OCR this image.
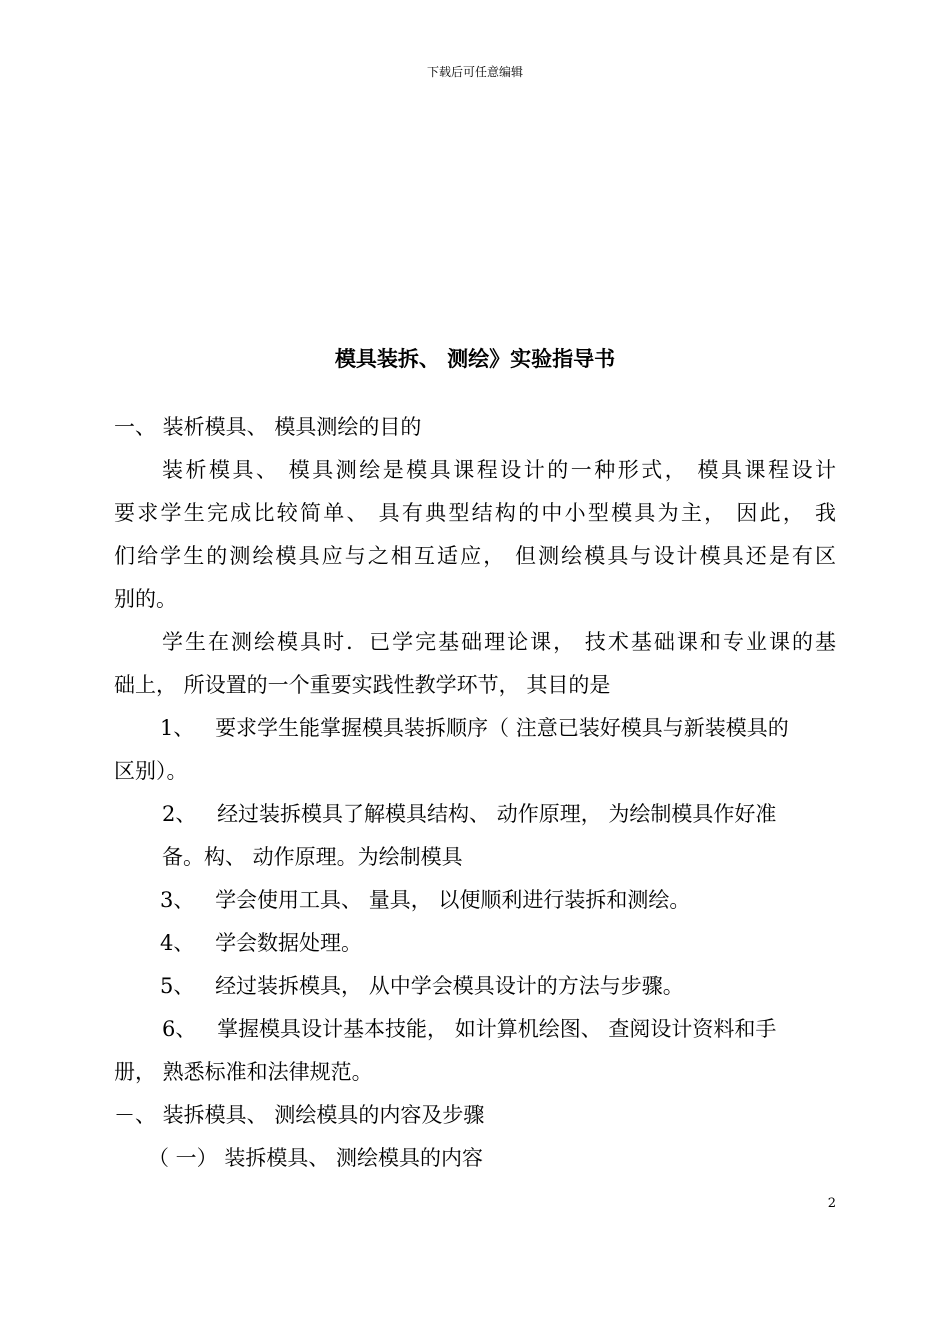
下载后可任意编辑
模具装拆、 测绘》实验指导书
一、 装析模具、 模具测绘的目的
装析模具、 模具测绘是模具课程设计的一种形式， 模具课程设计
要求学生完成比较简单、 具有典型结构的中小型模具为主， 因此， 我
们给学生的测绘模具应与之相互适应， 但测绘模具与设计模具还是有区
别的。
学生在测绘模具时．已学完基础理论课， 技术基础课和专业课的基
础上， 所设置的一个重要实践性教学环节， 其目的是
1、 要求学生能掌握模具装拆顺序（ 注意已装好模具与新装模具的
区别）。
2、 经过装拆模具了解模具结构、 动作原理， 为绘制模具作好准
备。构、 动作原理。为绘制模具
3、 学会使用工具、 量具， 以便顺利进行装拆和测绘。
4、 学会数据处理。
5、 经过装拆模具， 从中学会模具设计的方法与步骤。
6、 掌握模具设计基本技能， 如计算机绘图、 查阅设计资料和手
册， 熟悉标准和法律规范。
－、 装拆模具、 测绘模具的内容及步骤
（ 一） 装拆模具、 测绘模具的内容
2
